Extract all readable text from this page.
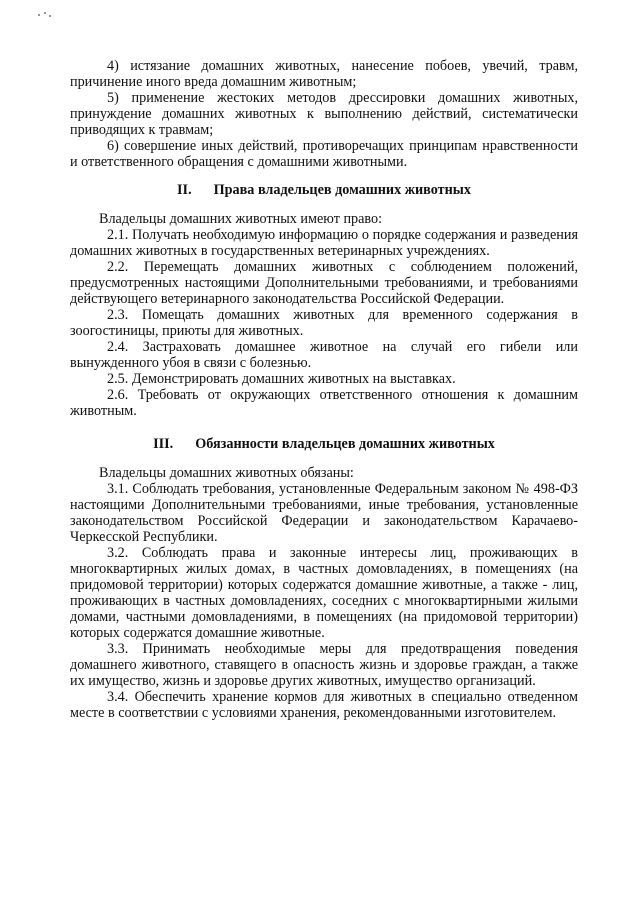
4) истязание домашних животных, нанесение побоев, увечий, травм, причинение иного вреда домашним животным;

5) применение жестоких методов дрессировки домашних животных, принуждение домашних животных к выполнению действий, систематически приводящих к травмам;

6) совершение иных действий, противоречащих принципам нравственности и ответственного обращения с домашними животными.

II. Права владельцев домашних животных

Владельцы домашних животных имеют право:

2.1. Получать необходимую информацию о порядке содержания и разведения домашних животных в государственных ветеринарных учреждениях.

2.2. Перемещать домашних животных с соблюдением положений, предусмотренных настоящими Дополнительными требованиями, и требованиями действующего ветеринарного законодательства Российской Федерации.

2.3. Помещать домашних животных для временного содержания в зоогостиницы, приюты для животных.

2.4. Застраховать домашнее животное на случай его гибели или вынужденного убоя в связи с болезнью.

2.5. Демонстрировать домашних животных на выставках.

2.6. Требовать от окружающих ответственного отношения к домашним животным.

III. Обязанности владельцев домашних животных

Владельцы домашних животных обязаны:

3.1. Соблюдать требования, установленные Федеральным законом № 498-ФЗ настоящими Дополнительными требованиями, иные требования, установленные законодательством Российской Федерации и законодательством Карачаево-Черкесской Республики.

3.2. Соблюдать права и законные интересы лиц, проживающих в многоквартирных жилых домах, в частных домовладениях, в помещениях (на придомовой территории) которых содержатся домашние животные, а также - лиц, проживающих в частных домовладениях, соседних с многоквартирными жилыми домами, частными домовладениями, в помещениях (на придомовой территории) которых содержатся домашние животные.

3.3. Принимать необходимые меры для предотвращения поведения домашнего животного, ставящего в опасность жизнь и здоровье граждан, а также их имущество, жизнь и здоровье других животных, имущество организаций.

3.4. Обеспечить хранение кормов для животных в специально отведенном месте в соответствии с условиями хранения, рекомендованными изготовителем.
